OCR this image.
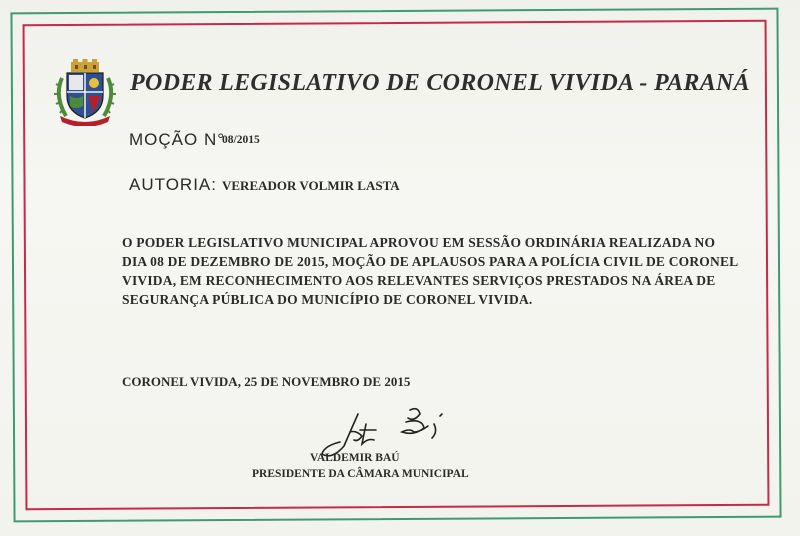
PODER LEGISLATIVO DE CORONEL VIVIDA - PARANÁ
MOÇÃO N°
08/2015
AUTORIA: VEREADOR VOLMIR LASTA
O PODER LEGISLATIVO MUNICIPAL APROVOU EM SESSÃO ORDINÁRIA REALIZADA NO
DIA 08 DE DEZEMBRO DE 2015, MOÇÃO DE APLAUSOS PARA A POLÍCIA CIVIL DE CORONEL
VIVIDA, EM RECONHECIMENTO AOS RELEVANTES SERVIÇOS PRESTADOS NA ÁREA DE
SEGURANÇA PÚBLICA DO MUNICÍPIO DE CORONEL VIVIDA.
CORONEL VIVIDA, 25 DE NOVEMBRO DE 2015
VALDEMIR BAÚ
PRESIDENTE DA CÂMARA MUNICIPAL
